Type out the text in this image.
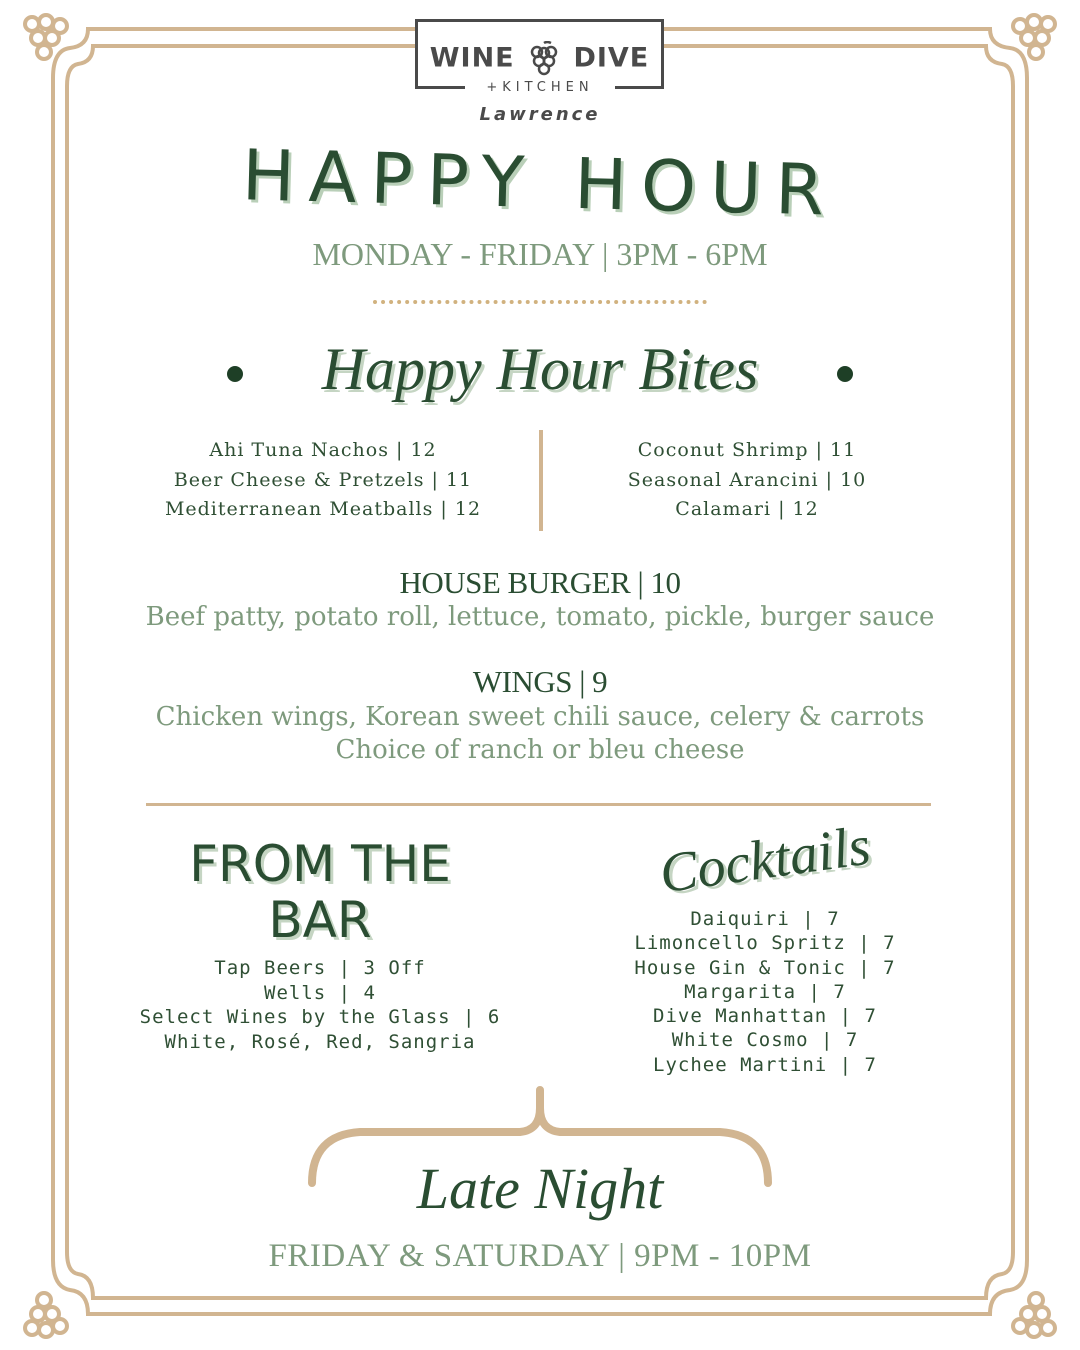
WINE DIVE
+KITCHEN
Lawrence
HAPPY HOUR
MONDAY - FRIDAY | 3PM - 6PM
Happy Hour Bites
Ahi Tuna Nachos | 12
Beer Cheese & Pretzels | 11
Mediterranean Meatballs | 12
Coconut Shrimp | 11
Seasonal Arancini | 10
Calamari | 12
HOUSE BURGER | 10
Beef patty, potato roll, lettuce, tomato, pickle, burger sauce
WINGS | 9
Chicken wings, Korean sweet chili sauce, celery & carrots
Choice of ranch or bleu cheese
FROM THE
BAR
Tap Beers | 3 Off
Wells | 4
Select Wines by the Glass | 6
White, Rosé, Red, Sangria
Cocktails
Daiquiri | 7
Limoncello Spritz | 7
House Gin & Tonic | 7
Margarita | 7
Dive Manhattan | 7
White Cosmo | 7
Lychee Martini | 7
Late Night
FRIDAY & SATURDAY | 9PM - 10PM
